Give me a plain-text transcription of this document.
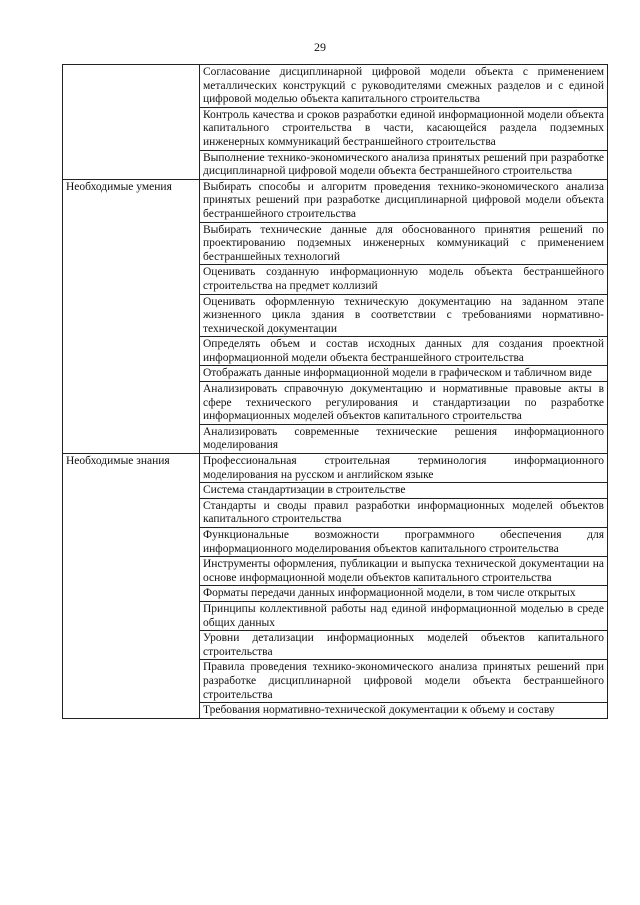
29
	Согласование дисциплинарной цифровой модели объекта с применением металлических конструкций с руководителями смежных разделов и с единой цифровой моделью объекта капитального строительства
	Контроль качества и сроков разработки единой информационной модели объекта капитального строительства в части, касающейся раздела подземных инженерных коммуникаций бестраншейного строительства
	Выполнение технико-экономического анализа принятых решений при разработке дисциплинарной цифровой модели объекта бестраншейного строительства
Необходимые умения	Выбирать способы и алгоритм проведения технико-экономического анализа принятых решений при разработке дисциплинарной цифровой модели объекта бестраншейного строительства
	Выбирать технические данные для обоснованного принятия решений по проектированию подземных инженерных коммуникаций с применением бестраншейных технологий
	Оценивать созданную информационную модель объекта бестраншейного строительства на предмет коллизий
	Оценивать оформленную техническую документацию на заданном этапе жизненного цикла здания в соответствии с требованиями нормативно-технической документации
	Определять объем и состав исходных данных для создания проектной информационной модели объекта бестраншейного строительства
	Отображать данные информационной модели в графическом и табличном виде
	Анализировать справочную документацию и нормативные правовые акты в сфере технического регулирования и стандартизации по разработке информационных моделей объектов капитального строительства
	Анализировать современные технические решения информационного моделирования
Необходимые знания	Профессиональная строительная терминология информационного моделирования на русском и английском языке
	Система стандартизации в строительстве
	Стандарты и своды правил разработки информационных моделей объектов капитального строительства
	Функциональные возможности программного обеспечения для информационного моделирования объектов капитального строительства
	Инструменты оформления, публикации и выпуска технической документации на основе информационной модели объектов капитального строительства
	Форматы передачи данных информационной модели, в том числе открытых
	Принципы коллективной работы над единой информационной моделью в среде общих данных
	Уровни детализации информационных моделей объектов капитального строительства
	Правила проведения технико-экономического анализа принятых решений при разработке дисциплинарной цифровой модели объекта бестраншейного строительства
	Требования нормативно-технической документации к объему и составу
